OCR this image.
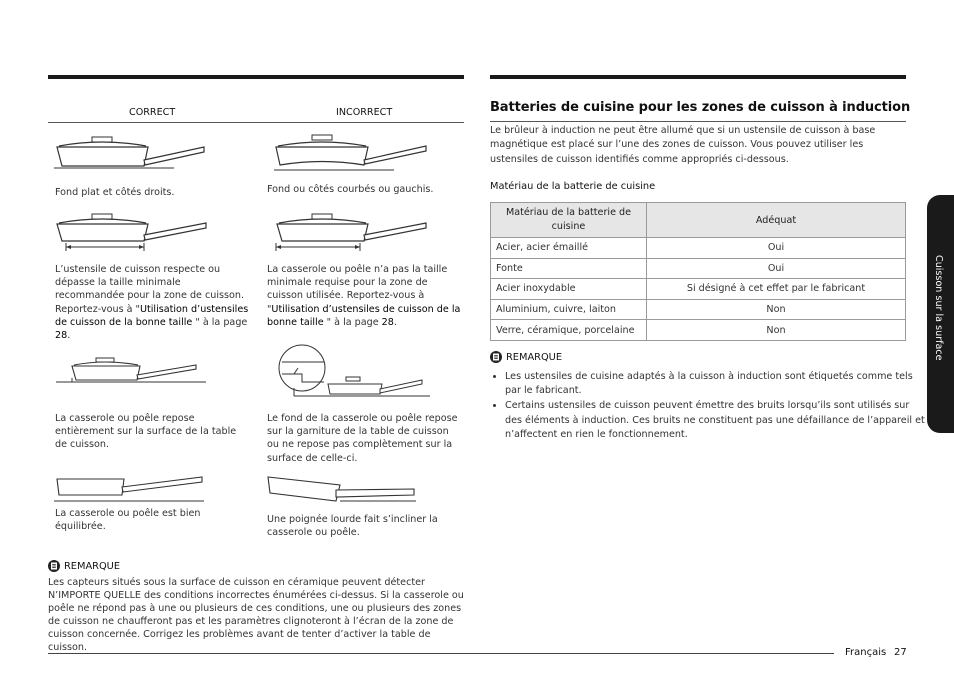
CORRECT	INCORRECT
Fond plat et côtés droits.	Fond ou côtés courbés ou gauchis.
L’ustensile de cuisson respecte ou dépasse la taille minimale recommandée pour la zone de cuisson. Reportez-vous à "Utilisation d’ustensiles de cuisson de la bonne taille " à la page 28.
La casserole ou poêle n’a pas la taille minimale requise pour la zone de cuisson utilisée. Reportez-vous à "Utilisation d’ustensiles de cuisson de la bonne taille " à la page 28.
La casserole ou poêle repose entièrement sur la surface de la table de cuisson.
Le fond de la casserole ou poêle repose sur la garniture de la table de cuisson ou ne repose pas complètement sur la surface de celle-ci.
La casserole ou poêle est bien équilibrée.
Une poignée lourde fait s’incliner la casserole ou poêle.
REMARQUE
Les capteurs situés sous la surface de cuisson en céramique peuvent détecter N’IMPORTE QUELLE des conditions incorrectes énumérées ci-dessus. Si la casserole ou poêle ne répond pas à une ou plusieurs de ces conditions, une ou plusieurs des zones de cuisson ne chaufferont pas et les paramètres clignoteront à l’écran de la zone de cuisson concernée. Corrigez les problèmes avant de tenter d’activer la table de cuisson.
Batteries de cuisine pour les zones de cuisson à induction
Le brûleur à induction ne peut être allumé que si un ustensile de cuisson à base magnétique est placé sur l’une des zones de cuisson. Vous pouvez utiliser les ustensiles de cuisson identifiés comme appropriés ci-dessous.
Matériau de la batterie de cuisine
Matériau de la batterie de cuisine	Adéquat
Acier, acier émaillé	Oui
Fonte	Oui
Acier inoxydable	Si désigné à cet effet par le fabricant
Aluminium, cuivre, laiton	Non
Verre, céramique, porcelaine	Non
REMARQUE
• Les ustensiles de cuisine adaptés à la cuisson à induction sont étiquetés comme tels par le fabricant.
• Certains ustensiles de cuisson peuvent émettre des bruits lorsqu’ils sont utilisés sur des éléments à induction. Ces bruits ne constituent pas une défaillance de l’appareil et n’affectent en rien le fonctionnement.
Cuisson sur la surface
Français 27
